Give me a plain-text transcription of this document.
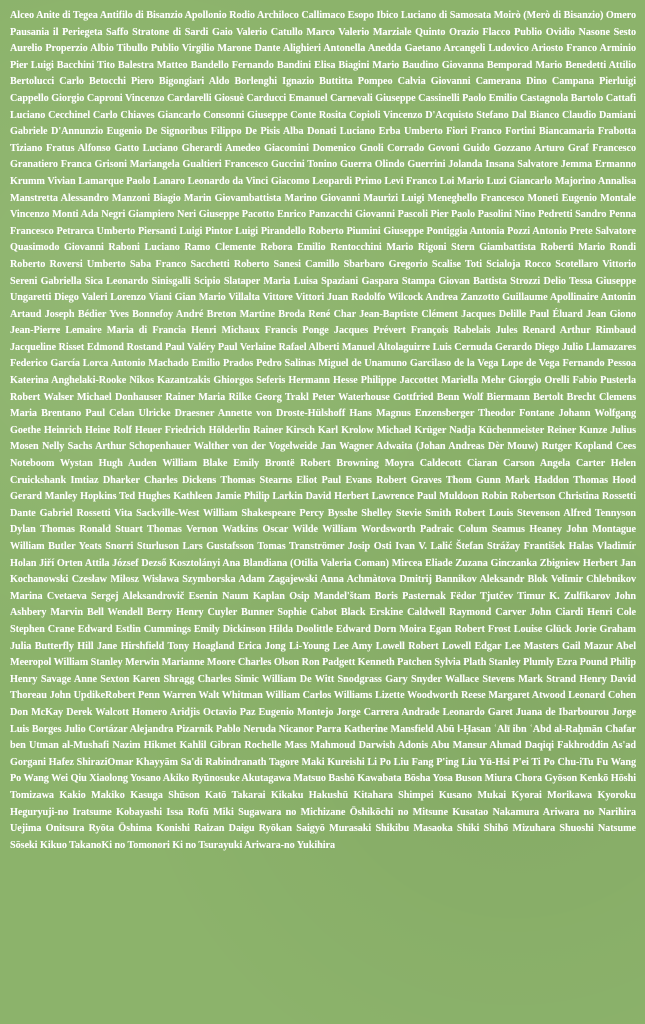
Alceo Anite di Tegea Antifilo di Bisanzio Apollonio Rodio Archiloco Callimaco Esopo Ibico Luciano di Samosata Moirò (Merò di Bisanzio) Omero Pausania il Periegeta Saffo Stratone di Sardi Gaio Valerio Catullo Marco Valerio Marziale Quinto Orazio Flacco Publio Ovidio Nasone Sesto Aurelio Properzio Albio Tibullo Publio Virgilio Marone Dante Alighieri Antonella Anedda Gaetano Arcangeli Ludovico Ariosto Franco Arminio Pier Luigi Bacchini Tito Balestra Matteo Bandello Fernando Bandini Elisa Biagini Mario Baudino Giovanna Bemporad Mario Benedetti Attilio Bertolucci Carlo Betocchi Piero Bigongiari Aldo Borlenghi Ignazio Buttitta Pompeo Calvia Giovanni Camerana Dino Campana Pierluigi Cappello Giorgio Caproni Vincenzo Cardarelli Giosuè Carducci Emanuel Carnevali Giuseppe Cassinelli Paolo Emilio Castagnola Bartolo Cattafi Luciano Cecchinel Carlo Chiaves Giancarlo Consonni Giuseppe Conte Rosita Copioli Vincenzo D'Acquisto Stefano Dal Bianco Claudio Damiani Gabriele D'Annunzio Eugenio De Signoribus Filippo De Pisis Alba Donati Luciano Erba Umberto Fiori Franco Fortini Biancamaria Frabotta Tiziano Fratus Alfonso Gatto Luciano Gherardi Amedeo Giacomini Domenico Gnoli Corrado Govoni Guido Gozzano Arturo Graf Francesco Granatiero Franca Grisoni Mariangela Gualtieri Francesco Guccini Tonino Guerra Olindo Guerrini Jolanda Insana Salvatore Jemma Ermanno Krumm Vivian Lamarque Paolo Lanaro Leonardo da Vinci Giacomo Leopardi Primo Levi Franco Loi Mario Luzi Giancarlo Majorino Annalisa Manstretta Alessandro Manzoni Biagio Marin Giovambattista Marino Giovanni Maurizi Luigi Meneghello Francesco Moneti Eugenio Montale Vincenzo Monti Ada Negri Giampiero Neri Giuseppe Pacotto Enrico Panzacchi Giovanni Pascoli Pier Paolo Pasolini Nino Pedretti Sandro Penna Francesco Petrarca Umberto Piersanti Luigi Pintor Luigi Pirandello Roberto Piumini Giuseppe Pontiggia Antonia Pozzi Antonio Prete Salvatore Quasimodo Giovanni Raboni Luciano Ramo Clemente Rebora Emilio Rentocchini Mario Rigoni Stern Giambattista Roberti Mario Rondi Roberto Roversi Umberto Saba Franco Sacchetti Roberto Sanesi Camillo Sbarbaro Gregorio Scalise Toti Scialoja Rocco Scotellaro Vittorio Sereni Gabriella Sica Leonardo Sinisgalli Scipio Slataper Maria Luisa Spaziani Gaspara Stampa Giovan Battista Strozzi Delio Tessa Giuseppe Ungaretti Diego Valeri Lorenzo Viani Gian Mario Villalta Vittore Vittori Juan Rodolfo Wilcock Andrea Zanzotto Guillaume Apollinaire Antonin Artaud Joseph Bédier Yves Bonnefoy André Breton Martine Broda René Char Jean-Baptiste Clément Jacques Delille Paul Éluard Jean Giono Jean-Pierre Lemaire Maria di Francia Henri Michaux Francis Ponge Jacques Prévert François Rabelais Jules Renard Arthur Rimbaud Jacqueline Risset Edmond Rostand Paul Valéry Paul Verlaine Rafael Alberti Manuel Altolaguirre Luis Cernuda Gerardo Diego Julio Llamazares Federico García Lorca Antonio Machado Emilio Prados Pedro Salinas Miguel de Unamuno Garcilaso de la Vega Lope de Vega Fernando Pessoa Katerina Anghelaki-Rooke Nikos Kazantzakis Ghiorgos Seferis Hermann Hesse Philippe Jaccottet Mariella Mehr Giorgio Orelli Fabio Pusterla Robert Walser Michael Donhauser Rainer Maria Rilke Georg Trakl Peter Waterhouse Gottfried Benn Wolf Biermann Bertolt Brecht Clemens Maria Brentano Paul Celan Ulricke Draesner Annette von Droste-Hülshoff Hans Magnus Enzensberger Theodor Fontane Johann Wolfgang Goethe Heinrich Heine Rolf Heuer Friedrich Hölderlin Rainer Kirsch Karl Krolow Michael Krüger Nadja Küchenmeister Reiner Kunze Julius Mosen Nelly Sachs Arthur Schopenhauer Walther von der Vogelweide Jan Wagner Adwaita (Johan Andreas Dèr Mouw) Rutger Kopland Cees Noteboom Wystan Hugh Auden William Blake Emily Brontë Robert Browning Moyra Caldecott Ciaran Carson Angela Carter Helen Cruickshank Imtiaz Dharker Charles Dickens Thomas Stearns Eliot Paul Evans Robert Graves Thom Gunn Mark Haddon Thomas Hood Gerard Manley Hopkins Ted Hughes Kathleen Jamie Philip Larkin David Herbert Lawrence Paul Muldoon Robin Robertson Christina Rossetti Dante Gabriel Rossetti Vita Sackville-West William Shakespeare Percy Bysshe Shelley Stevie Smith Robert Louis Stevenson Alfred Tennyson Dylan Thomas Ronald Stuart Thomas Vernon Watkins Oscar Wilde William Wordsworth Padraic Colum Seamus Heaney John Montague William Butler Yeats Snorri Sturluson Lars Gustafsson Tomas Tranströmer Josip Osti Ivan V. Lalić Štefan Strážay František Halas Vladimír Holan Jiří Orten Attila József Dezső Kosztolányi Ana Blandiana (Otilia Valeria Coman) Mircea Eliade Zuzana Ginczanka Zbigniew Herbert Jan Kochanowski Czesław Miłosz Wisława Szymborska Adam Zagajewski Anna Achmàtova Dmitrij Bannikov Aleksandr Blok Velimir Chlebnikov Marina Cvetaeva Sergej Aleksandrovič Esenin Naum Kaplan Osip Mandel'štam Boris Pasternak Fëdor Tjutčev Timur K. Zulfikarov John Ashbery Marvin Bell Wendell Berry Henry Cuyler Bunner Sophie Cabot Black Erskine Caldwell Raymond Carver John Ciardi Henri Cole Stephen Crane Edward Estlin Cummings Emily Dickinson Hilda Doolittle Edward Dorn Moira Egan Robert Frost Louise Glück Jorie Graham Julia Butterfly Hill Jane Hirshfield Tony Hoagland Erica Jong Li-Young Lee Amy Lowell Robert Lowell Edgar Lee Masters Gail Mazur Abel Meeropol William Stanley Merwin Marianne Moore Charles Olson Ron Padgett Kenneth Patchen Sylvia Plath Stanley Plumly Ezra Pound Philip Henry Savage Anne Sexton Karen Shragg Charles Simic William De Witt Snodgrass Gary Snyder Wallace Stevens Mark Strand Henry David Thoreau John UpdikeRobert Penn Warren Walt Whitman William Carlos Williams Lizette Woodworth Reese Margaret Atwood Leonard Cohen Don McKay Derek Walcott Homero Aridjis Octavio Paz Eugenio Montejo Jorge Carrera Andrade Leonardo Garet Juana de Ibarbourou Jorge Luis Borges Julio Cortázar Alejandra Pizarnik Pablo Neruda Nicanor Parra Katherine Mansfield Abū l-Ḥasan ʿAlī ibn ʿAbd al-Raḥmān Chafar ben Utman al-Mushafi Nazim Hikmet Kahlil Gibran Rochelle Mass Mahmoud Darwish Adonis Abu Mansur Ahmad Daqiqi Fakhroddin As'ad Gorgani Hafez ShiraziOmar Khayyām Sa'di Rabindranath Tagore Maki Kureishi Li Po Liu Fang P'ing Liu Yü-Hsi P'ei Ti Po Chu-iTu Fu Wang Po Wang Wei Qiu Xiaolong Yosano Akiko Ryūnosuke Akutagawa Matsuo Bashō Kawabata Bōsha Yosa Buson Miura Chora Gyōson Kenkō Hōshi Tomizawa Kakio Makiko Kasuga Shūson Katō Takarai Kikaku Hakushū Kitahara Shimpei Kusano Mukai Kyorai Morikawa Kyoroku Heguryuji-no Iratsume Kobayashi Issa Rofū Miki Sugawara no Michizane Ōshikōchi no Mitsune Kusatao Nakamura Ariwara no Narihira Uejima Onitsura Ryōta Ōshima Konishi Raizan Daigu Ryōkan Saigyō Murasaki Shikibu Masaoka Shiki Shihō Mizuhara Shuoshi Natsume Sōseki Kikuo TakanoKi no Tomonori Ki no Tsurayuki Ariwara-no Yukihira
